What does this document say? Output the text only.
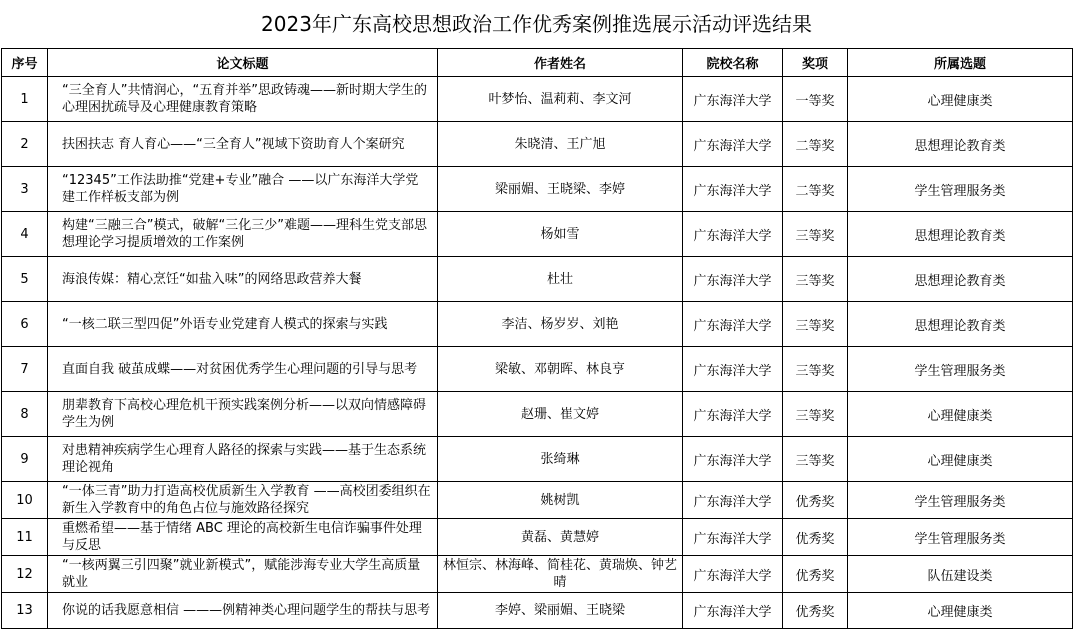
2023年广东高校思想政治工作优秀案例推选展示活动评选结果
序号	论文标题	作者姓名	院校名称	奖项	所属选题
1	“三全育人”共情润心，“五育并举”思政铸魂——新时期大学生的心理困扰疏导及心理健康教育策略	叶梦怡、温莉莉、李文河	广东海洋大学	一等奖	心理健康类
2	扶困扶志 育人育心——“三全育人”视域下资助育人个案研究	朱晓清、王广旭	广东海洋大学	二等奖	思想理论教育类
3	“12345”工作法助推“党建+专业”融合 ——以广东海洋大学党建工作样板支部为例	梁丽媚、王晓梁、李婷	广东海洋大学	二等奖	学生管理服务类
4	构建“三融三合”模式，破解“三化三少”难题——理科生党支部思想理论学习提质增效的工作案例	杨如雪	广东海洋大学	三等奖	思想理论教育类
5	海浪传媒：精心烹饪“如盐入味”的网络思政营养大餐	杜壮	广东海洋大学	三等奖	思想理论教育类
6	“一核二联三型四促”外语专业党建育人模式的探索与实践	李洁、杨岁岁、刘艳	广东海洋大学	三等奖	思想理论教育类
7	直面自我 破茧成蝶——对贫困优秀学生心理问题的引导与思考	梁敏、邓朝晖、林良亨	广东海洋大学	三等奖	学生管理服务类
8	朋辈教育下高校心理危机干预实践案例分析——以双向情感障碍学生为例	赵珊、崔文婷	广东海洋大学	三等奖	心理健康类
9	对患精神疾病学生心理育人路径的探索与实践——基于生态系统理论视角	张绮琳	广东海洋大学	三等奖	心理健康类
10	“一体三青”助力打造高校优质新生入学教育 ——高校团委组织在新生入学教育中的角色占位与施效路径探究	姚树凯	广东海洋大学	优秀奖	学生管理服务类
11	重燃希望——基于情绪 ABC 理论的高校新生电信诈骗事件处理与反思	黄磊、黄慧婷	广东海洋大学	优秀奖	学生管理服务类
12	“一核两翼三引四聚”就业新模式”，赋能涉海专业大学生高质量就业	林恒宗、林海峰、简桂花、黄瑞焕、钟艺晴	广东海洋大学	优秀奖	队伍建设类
13	你说的话我愿意相信 ———例精神类心理问题学生的帮扶与思考	李婷、梁丽媚、王晓梁	广东海洋大学	优秀奖	心理健康类
